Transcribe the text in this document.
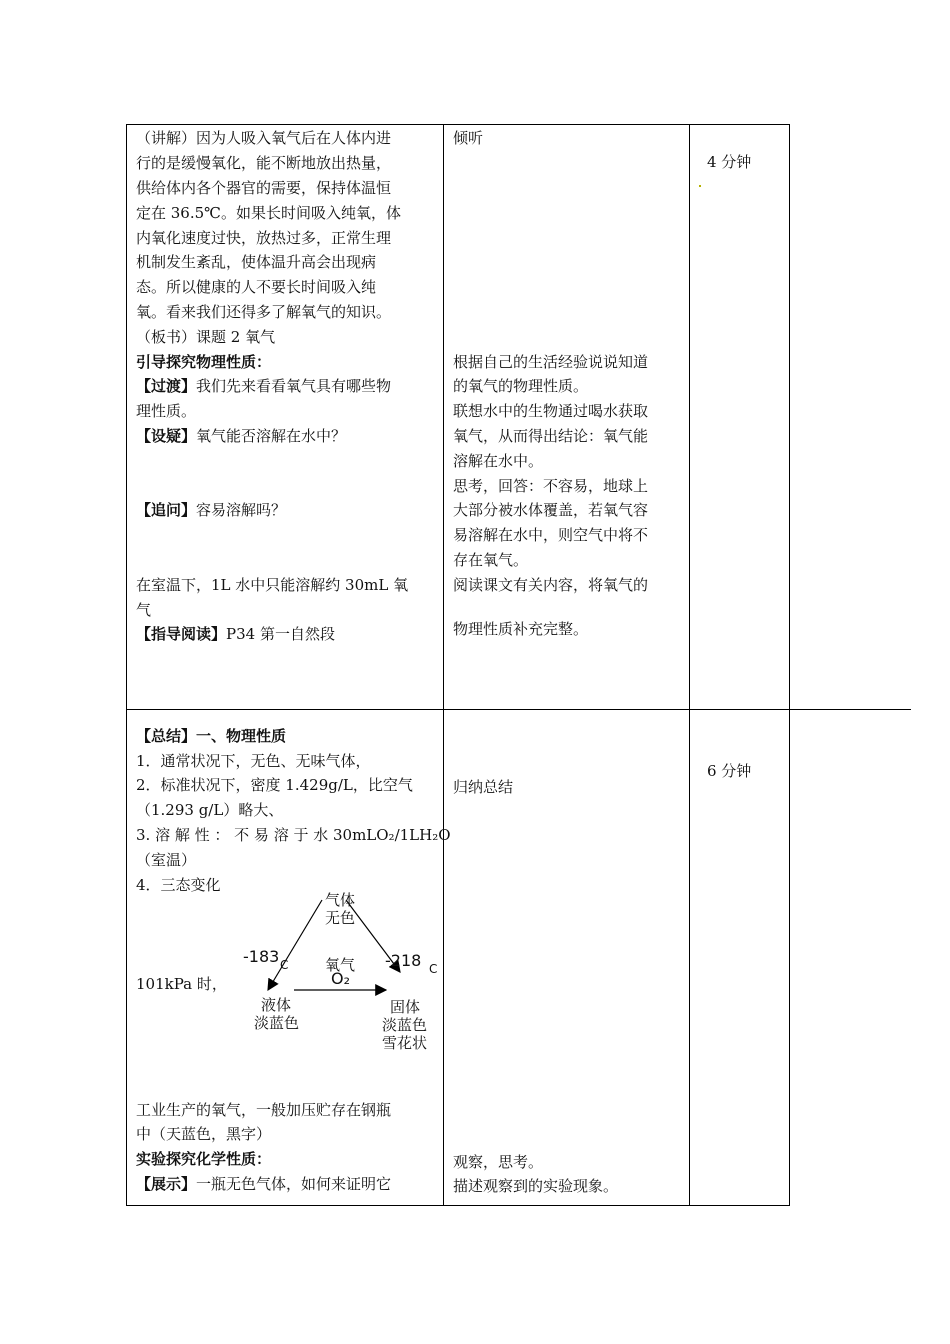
（讲解）因为人吸入氧气后在人体内进
行的是缓慢氧化，能不断地放出热量，
供给体内各个器官的需要，保持体温恒
定在 36.5℃。如果长时间吸入纯氧，体
内氧化速度过快，放热过多，正常生理
机制发生紊乱，使体温升高会出现病
态。所以健康的人不要长时间吸入纯
氧。看来我们还得多了解氧气的知识。
（板书）课题 2 氧气
引导探究物理性质：
【过渡】我们先来看看氧气具有哪些物
理性质。
【设疑】氧气能否溶解在水中？
【追问】容易溶解吗？
在室温下，1L 水中只能溶解约 30mL 氧
气
【指导阅读】P34 第一自然段
倾听
根据自己的生活经验说说知道
的氧气的物理性质。
联想水中的生物通过喝水获取
氧气，从而得出结论：氧气能
溶解在水中。
思考，回答：不容易，地球上
大部分被水体覆盖，若氧气容
易溶解在水中，则空气中将不
存在氧气。
阅读课文有关内容，将氧气的
物理性质补充完整。
4 分钟
【总结】一、物理性质
1．通常状况下，无色、无味气体，
2．标准状况下，密度 1.429g/L，比空气
（1.293 g/L）略大、
3. 溶 解 性 ： 不 易 溶 于 水 30mLO₂/1LH₂O
（室温）
4．三态变化
气体
无色
-183 C	-218 C
氧气
O₂
101kPa 时，
液体
淡蓝色
固体
淡蓝色
雪花状
工业生产的氧气，一般加压贮存在钢瓶
中（天蓝色，黑字）
实验探究化学性质：
【展示】一瓶无色气体，如何来证明它
归纳总结
观察，思考。
描述观察到的实验现象。
6 分钟
